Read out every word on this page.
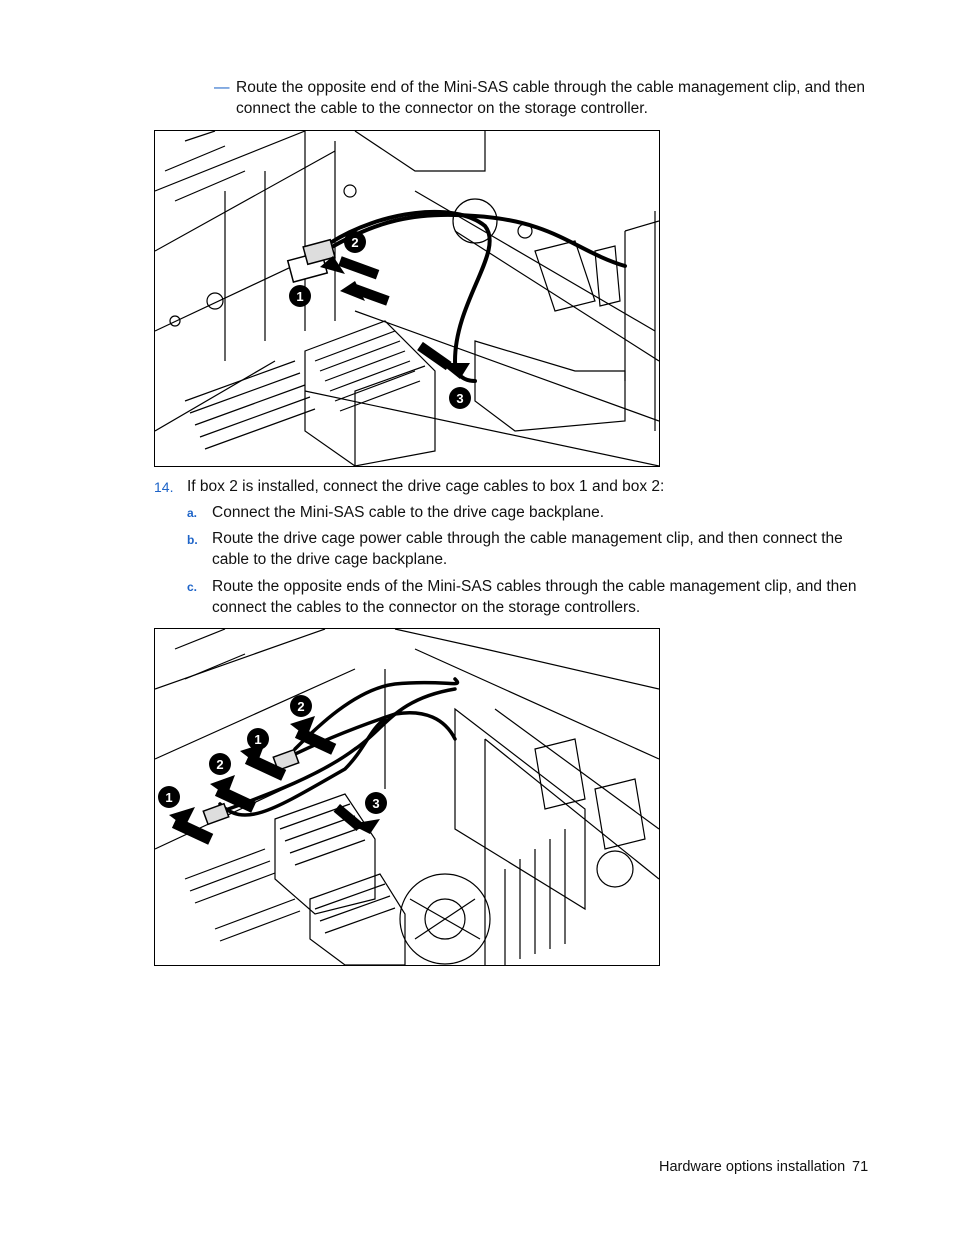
— Route the opposite end of the Mini-SAS cable through the cable management clip, and then connect the cable to the connector on the storage controller.
2
1
3
14. If box 2 is installed, connect the drive cage cables to box 1 and box 2:
a. Connect the Mini-SAS cable to the drive cage backplane.
b. Route the drive cage power cable through the cable management clip, and then connect the cable to the drive cage backplane.
c. Route the opposite ends of the Mini-SAS cables through the cable management clip, and then connect the cables to the connector on the storage controllers.
2
1
2
1	3
Hardware options installation 71
